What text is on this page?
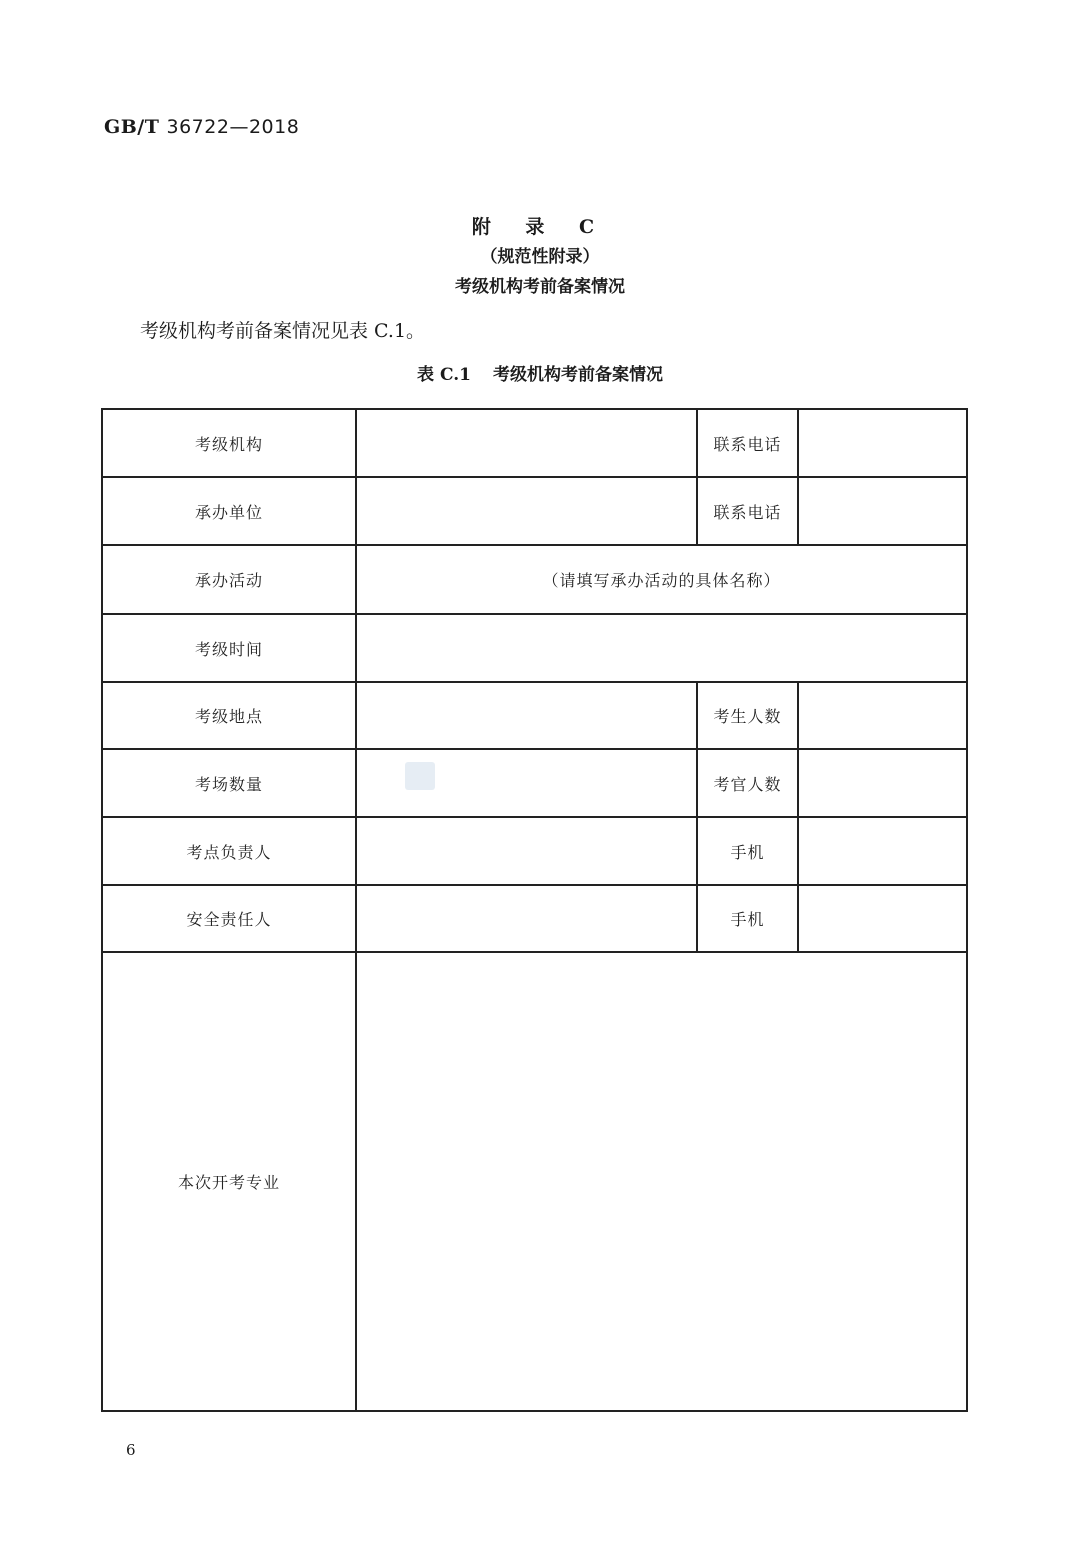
GB/T 36722—2018
附 录 C
（规范性附录）
考级机构考前备案情况
考级机构考前备案情况见表 C.1。
表 C.1 考级机构考前备案情况
考级机构
承办单位
承办活动
考级时间
考级地点
考场数量
考点负责人
安全责任人
本次开考专业
联系电话
联系电话
考生人数
考官人数
手机
手机
（请填写承办活动的具体名称）
6
